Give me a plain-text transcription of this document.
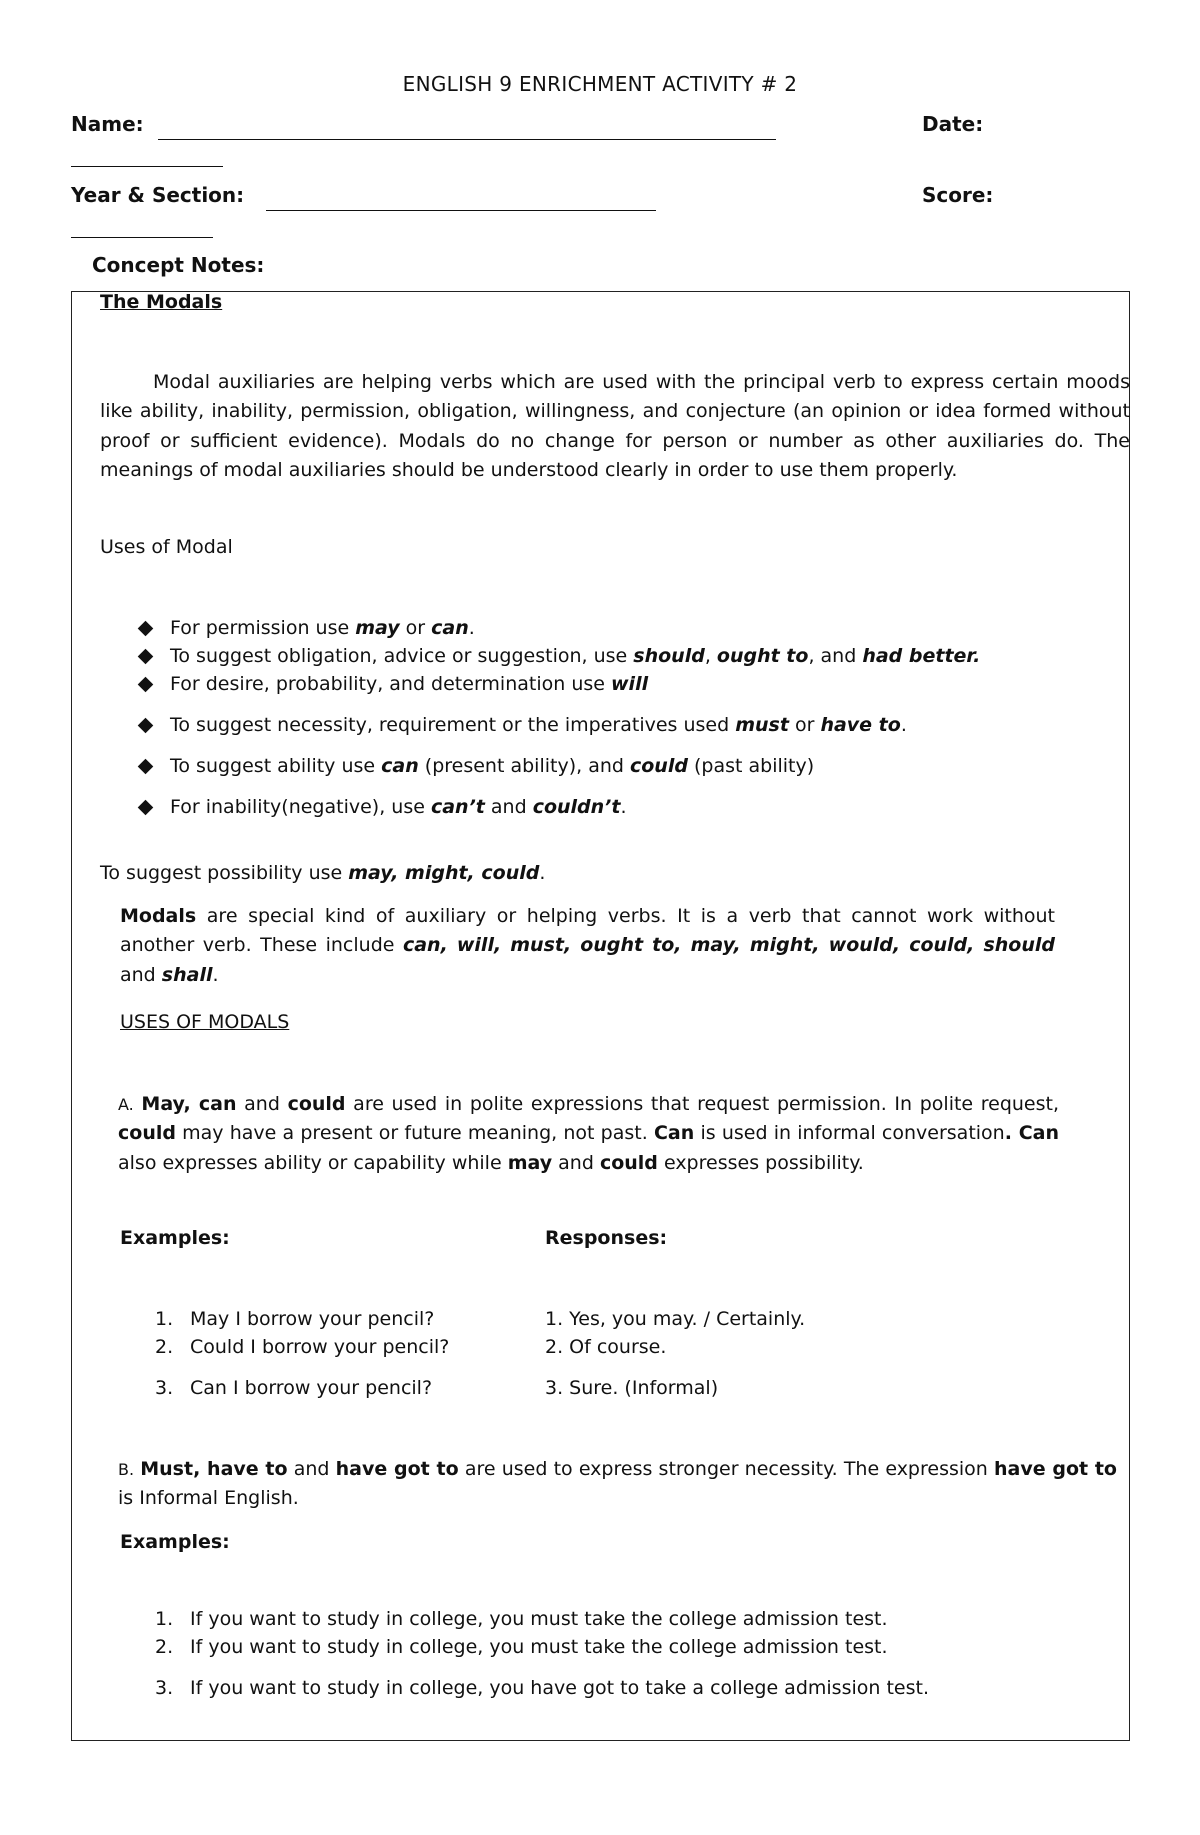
ENGLISH 9 ENRICHMENT ACTIVITY # 2
Name:	Date:
Year & Section:	Score:
Concept Notes:
The Modals
Modal auxiliaries are helping verbs which are used with the principal verb to express certain moods like ability, inability, permission, obligation, willingness, and conjecture (an opinion or idea formed without proof or sufficient evidence). Modals do no change for person or number as other auxiliaries do. The meanings of modal auxiliaries should be understood clearly in order to use them properly.
Uses of Modal
For permission use may or can.
To suggest obligation, advice or suggestion, use should, ought to, and had better.
For desire, probability, and determination use will
To suggest necessity, requirement or the imperatives used must or have to.
To suggest ability use can (present ability), and could (past ability)
For inability(negative), use can’t and couldn’t.
To suggest possibility use may, might, could.
Modals are special kind of auxiliary or helping verbs. It is a verb that cannot work without another verb. These include can, will, must, ought to, may, might, would, could, should and shall.
USES OF MODALS
A. May, can and could are used in polite expressions that request permission. In polite request, could may have a present or future meaning, not past. Can is used in informal conversation. Can also expresses ability or capability while may and could expresses possibility.
Examples:	Responses:
1. May I borrow your pencil?	1. Yes, you may. / Certainly.
2. Could I borrow your pencil?	2. Of course.
3. Can I borrow your pencil?	3. Sure. (Informal)
B. Must, have to and have got to are used to express stronger necessity. The expression have got to is Informal English.
Examples:
1. If you want to study in college, you must take the college admission test.
2. If you want to study in college, you must take the college admission test.
3. If you want to study in college, you have got to take a college admission test.
